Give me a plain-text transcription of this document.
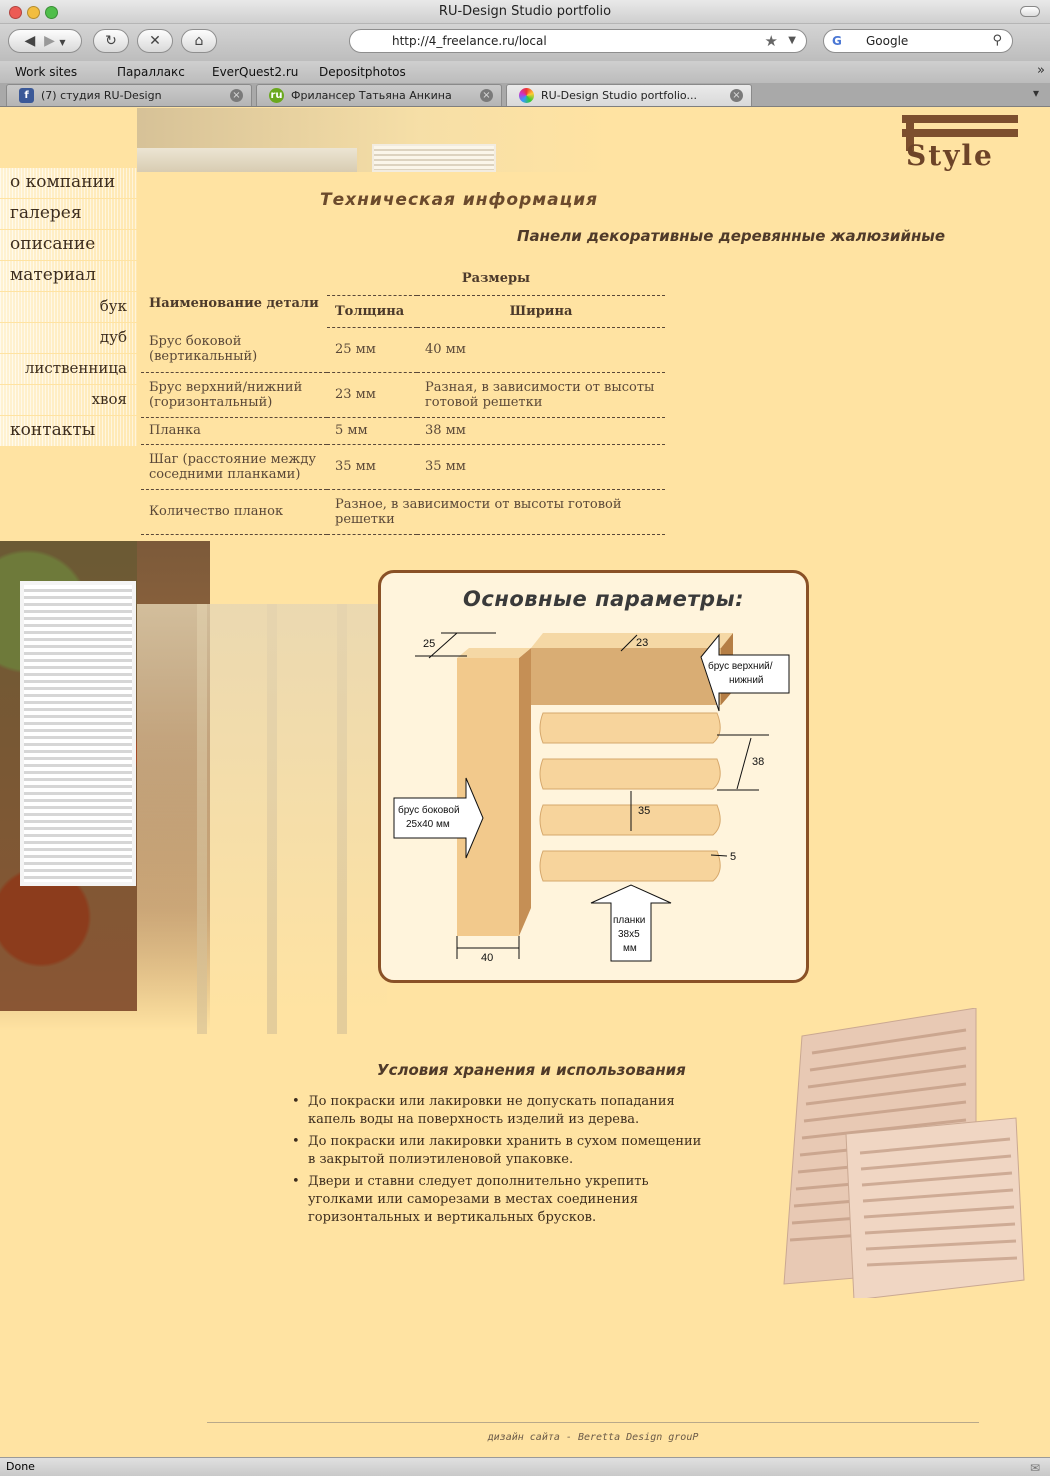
RU-Design Studio portfolio
◀ ▶ ▼	↻	✕	⌂	http://4_freelance.ru/local	★ ▼	G Google	⚲
Work sites	Параллакс EverQuest2.ru Depositphotos	»
f	(7) студия RU-Design	×	ru Фрилансер Татьяна Анкина	×	RU-Design Studio portfolio...	×	▾
Style
о компании
галерея
описание
материал
бук
дуб
лиственница
хвоя
контакты
Техническая информация
Панели декоративные деревянные жалюзийные
Наименование детали	Размеры	
	Толщина	Ширина
Брус боковой (вертикальный)	25 мм	40 мм
Брус верхний/нижний (горизонтальный)	23 мм	Разная, в зависимости от высоты готовой решетки
Планка	5 мм	38 мм
Шаг (расстояние между соседними планками)	35 мм	35 мм
Количество планок	Разное, в зависимости от высоты готовой решетки	
25	23
38
35
5
40
брус верхний/
нижний
брус боковой
25х40 мм
планки
38х5
мм
Основные параметры:
Условия хранения и использования
• До покраски или лакировки не допускать попадания капель воды на поверхность изделий из дерева.
• До покраски или лакировки хранить в сухом помещении в закрытой полиэтиленовой упаковке.
• Двери и ставни следует дополнительно укрепить уголками или саморезами в местах соединения горизонтальных и вертикальных брусков.
дизайн сайта - Beretta Design grouP
Done	✉
